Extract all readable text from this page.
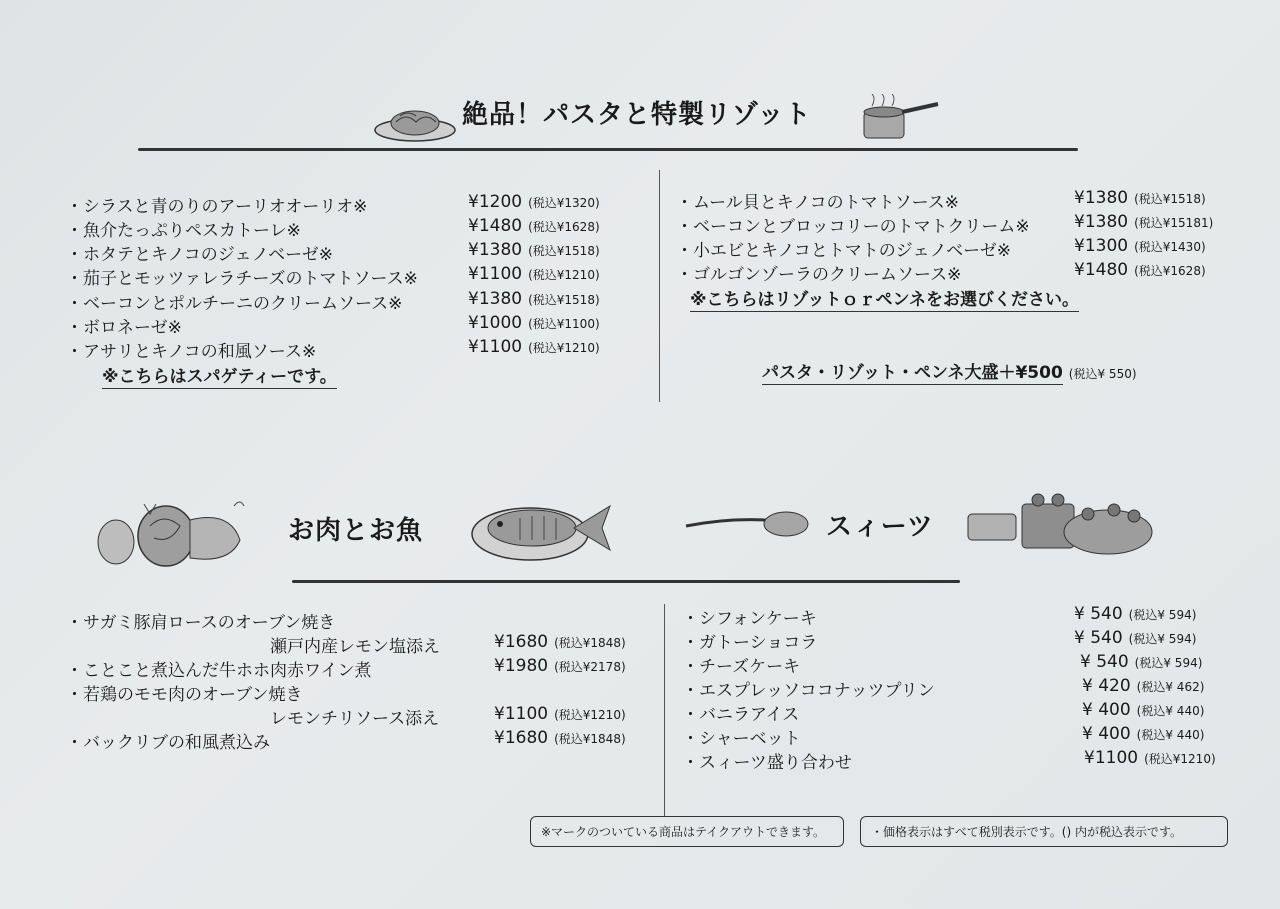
絶品！パスタと特製リゾット
・シラスと青のりのアーリオオーリオ※	¥1200 (税込¥1320)
・魚介たっぷりペスカトーレ※	¥1480 (税込¥1628)
・ホタテとキノコのジェノベーゼ※	¥1380 (税込¥1518)
・茄子とモッツァレラチーズのトマトソース※	¥1100 (税込¥1210)
・ベーコンとポルチーニのクリームソース※	¥1380 (税込¥1518)
・ボロネーゼ※	¥1000 (税込¥1100)
・アサリとキノコの和風ソース※	¥1100 (税込¥1210)
※こちらはスパゲティーです。
・ムール貝とキノコのトマトソース※	¥1380 (税込¥1518)
・ベーコンとブロッコリーのトマトクリーム※	¥1380 (税込¥15181)
・小エビとキノコとトマトのジェノベーゼ※	¥1300 (税込¥1430)
・ゴルゴンゾーラのクリームソース※	¥1480 (税込¥1628)
※こちらはリゾットｏｒペンネをお選びください。
パスタ・リゾット・ペンネ大盛＋¥500 (税込¥ 550)
お肉とお魚	スィーツ
・サガミ豚肩ロースのオーブン焼き
瀬戸内産レモン塩添え	¥1680 (税込¥1848)
・ことこと煮込んだ牛ホホ肉赤ワイン煮	¥1980 (税込¥2178)
・若鶏のモモ肉のオーブン焼き
レモンチリソース添え	¥1100 (税込¥1210)
・バックリブの和風煮込み	¥1680 (税込¥1848)
・シフォンケーキ	¥ 540 (税込¥ 594)
・ガトーショコラ	¥ 540 (税込¥ 594)
・チーズケーキ	¥ 540 (税込¥ 594)
・エスプレッソココナッツプリン	¥ 420 (税込¥ 462)
・バニラアイス	¥ 400 (税込¥ 440)
・シャーベット	¥ 400 (税込¥ 440)
・スィーツ盛り合わせ	¥1100 (税込¥1210)
※マークのついている商品はテイクアウトできます。	・価格表示はすべて税別表示です。() 内が税込表示です。
